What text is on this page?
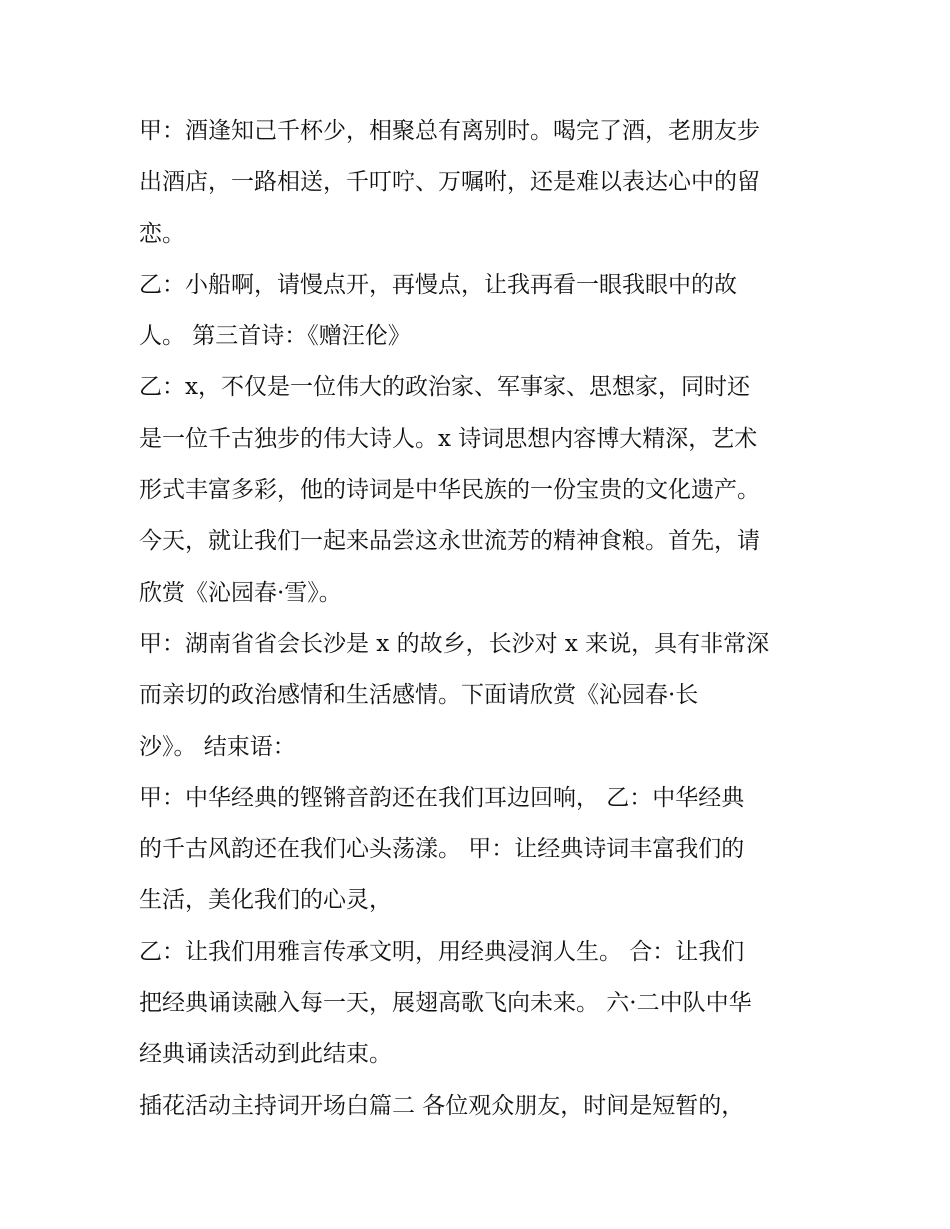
甲：酒逢知己千杯少，相聚总有离别时。喝完了酒，老朋友步
出酒店，一路相送，千叮咛、万嘱咐，还是难以表达心中的留
恋。
乙：小船啊，请慢点开，再慢点，让我再看一眼我眼中的故
人。 第三首诗：《赠汪伦》
乙：x，不仅是一位伟大的政治家、军事家、思想家，同时还
是一位千古独步的伟大诗人。x 诗词思想内容博大精深，艺术
形式丰富多彩，他的诗词是中华民族的一份宝贵的文化遗产。
今天，就让我们一起来品尝这永世流芳的精神食粮。首先，请
欣赏《沁园春·雪》。
甲：湖南省省会长沙是 x 的故乡，长沙对 x 来说，具有非常深
而亲切的政治感情和生活感情。下面请欣赏《沁园春·长
沙》。 结束语：
甲：中华经典的铿锵音韵还在我们耳边回响， 乙：中华经典
的千古风韵还在我们心头荡漾。 甲：让经典诗词丰富我们的
生活，美化我们的心灵，
乙：让我们用雅言传承文明，用经典浸润人生。 合：让我们
把经典诵读融入每一天，展翅高歌飞向未来。 六·二中队中华
经典诵读活动到此结束。
插花活动主持词开场白篇二 各位观众朋友，时间是短暂的，
